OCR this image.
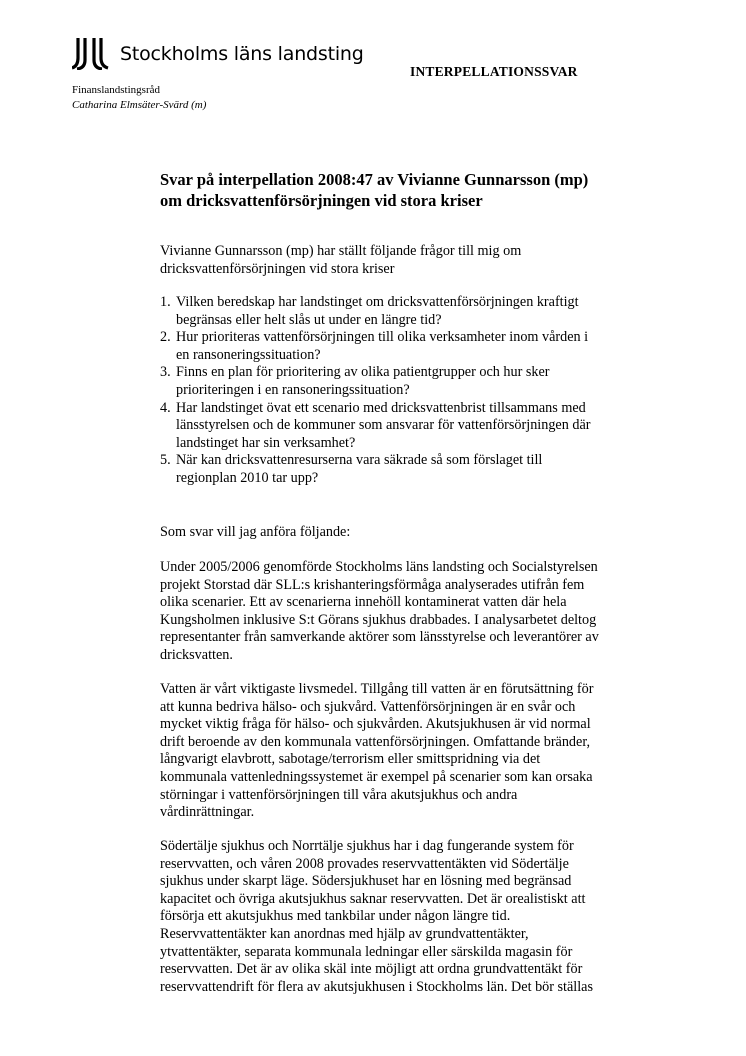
Stockholms läns landsting
INTERPELLATIONSSVAR
Finanslandstingsråd
Catharina Elmsäter-Svärd (m)
Svar på interpellation 2008:47 av Vivianne Gunnarsson (mp)
om dricksvattenförsörjningen vid stora kriser
Vivianne Gunnarsson (mp) har ställt följande frågor till mig om
dricksvattenförsörjningen vid stora kriser
1. Vilken beredskap har landstinget om dricksvattenförsörjningen kraftigt
begränsas eller helt slås ut under en längre tid?
2. Hur prioriteras vattenförsörjningen till olika verksamheter inom vården i
en ransoneringssituation?
3. Finns en plan för prioritering av olika patientgrupper och hur sker
prioriteringen i en ransoneringssituation?
4. Har landstinget övat ett scenario med dricksvattenbrist tillsammans med
länsstyrelsen och de kommuner som ansvarar för vattenförsörjningen där
landstinget har sin verksamhet?
5. När kan dricksvattenresurserna vara säkrade så som förslaget till
regionplan 2010 tar upp?
Som svar vill jag anföra följande:
Under 2005/2006 genomförde Stockholms läns landsting och Socialstyrelsen
projekt Storstad där SLL:s krishanteringsförmåga analyserades utifrån fem
olika scenarier. Ett av scenarierna innehöll kontaminerat vatten där hela
Kungsholmen inklusive S:t Görans sjukhus drabbades. I analysarbetet deltog
representanter från samverkande aktörer som länsstyrelse och leverantörer av
dricksvatten.
Vatten är vårt viktigaste livsmedel. Tillgång till vatten är en förutsättning för
att kunna bedriva hälso- och sjukvård. Vattenförsörjningen är en svår och
mycket viktig fråga för hälso- och sjukvården. Akutsjukhusen är vid normal
drift beroende av den kommunala vattenförsörjningen. Omfattande bränder,
långvarigt elavbrott, sabotage/terrorism eller smittspridning via det
kommunala vattenledningssystemet är exempel på scenarier som kan orsaka
störningar i vattenförsörjningen till våra akutsjukhus och andra
vårdinrättningar.
Södertälje sjukhus och Norrtälje sjukhus har i dag fungerande system för
reservvatten, och våren 2008 provades reservvattentäkten vid Södertälje
sjukhus under skarpt läge. Södersjukhuset har en lösning med begränsad
kapacitet och övriga akutsjukhus saknar reservvatten. Det är orealistiskt att
försörja ett akutsjukhus med tankbilar under någon längre tid.
Reservvattentäkter kan anordnas med hjälp av grundvattentäkter,
ytvattentäkter, separata kommunala ledningar eller särskilda magasin för
reservvatten. Det är av olika skäl inte möjligt att ordna grundvattentäkt för
reservvattendrift för flera av akutsjukhusen i Stockholms län. Det bör ställas
